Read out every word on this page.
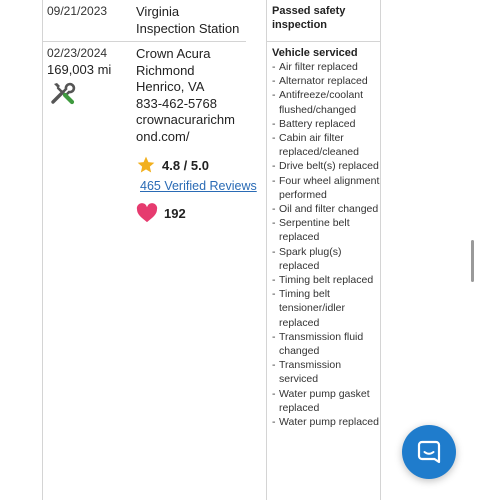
09/21/2023 Virginia
Inspection Station
Passed safety
inspection
02/23/2024
169,003 mi
Crown Acura
Richmond
Henrico, VA
833-462-5768
crownacurarichm
ond.com/
4.8 / 5.0
465 Verified Reviews
192
Vehicle serviced
- Air filter replaced
- Alternator replaced
- Antifreeze/coolant flushed/changed
- Battery replaced
- Cabin air filter replaced/cleaned
- Drive belt(s) replaced
- Four wheel alignment performed
- Oil and filter changed
- Serpentine belt replaced
- Spark plug(s) replaced
- Timing belt replaced
- Timing belt tensioner/idler replaced
- Transmission fluid changed
- Transmission serviced
- Water pump gasket replaced
- Water pump replaced
